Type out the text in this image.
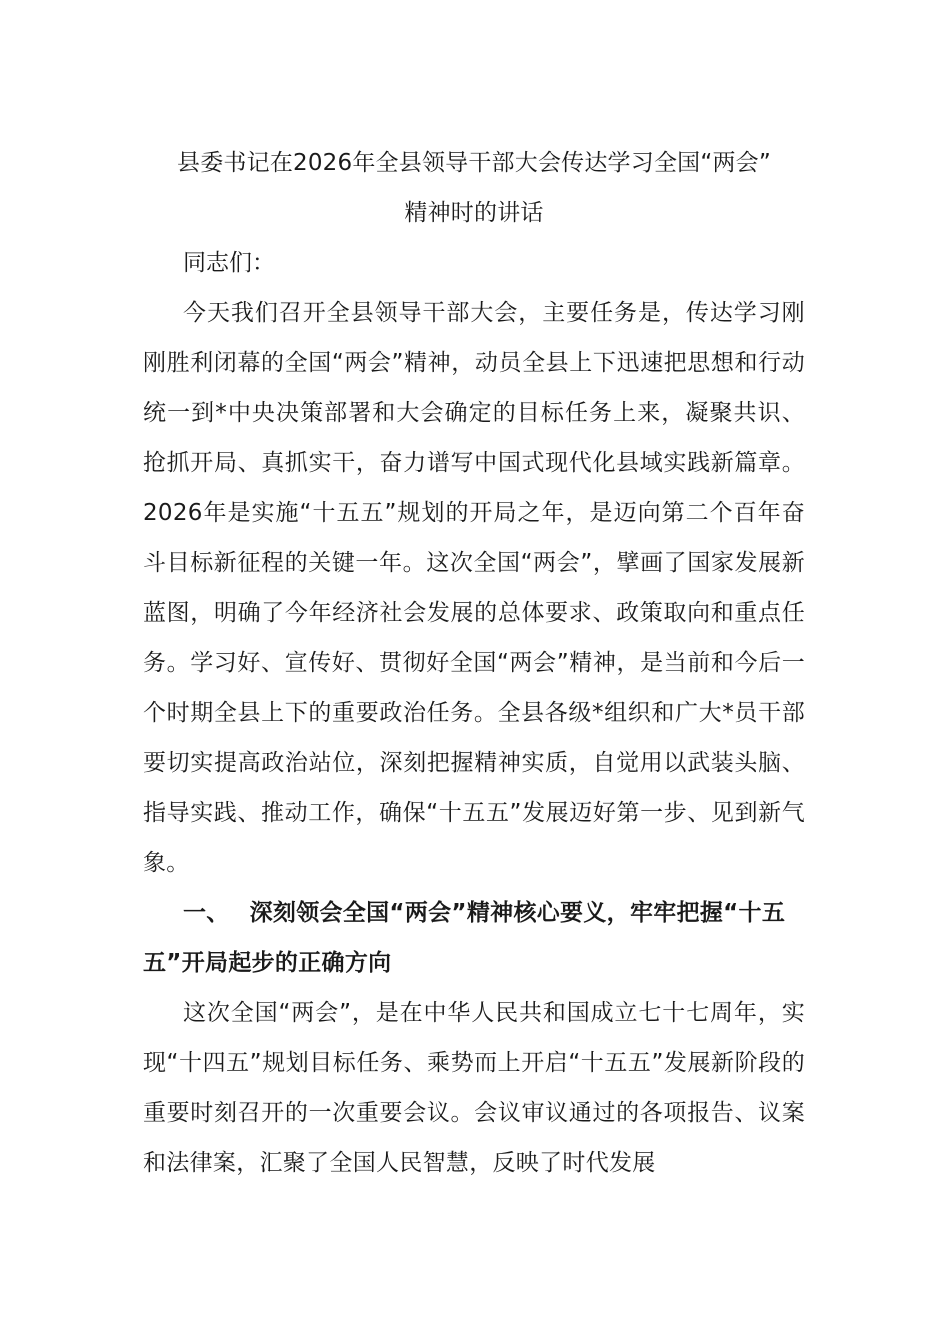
县委书记在2026年全县领导干部大会传达学习全国“两会”
精神时的讲话

同志们：

今天我们召开全县领导干部大会，主要任务是，传达学习刚刚胜利闭幕的全国“两会”精神，动员全县上下迅速把思想和行动统一到*中央决策部署和大会确定的目标任务上来，凝聚共识、抢抓开局、真抓实干，奋力谱写中国式现代化县域实践新篇章。2026年是实施“十五五”规划的开局之年，是迈向第二个百年奋斗目标新征程的关键一年。这次全国“两会”，擘画了国家发展新蓝图，明确了今年经济社会发展的总体要求、政策取向和重点任务。学习好、宣传好、贯彻好全国“两会”精神，是当前和今后一个时期全县上下的重要政治任务。全县各级*组织和广大*员干部要切实提高政治站位，深刻把握精神实质，自觉用以武装头脑、指导实践、推动工作，确保“十五五”发展迈好第一步、见到新气象。

一、 深刻领会全国“两会”精神核心要义，牢牢把握“十五五”开局起步的正确方向

这次全国“两会”，是在中华人民共和国成立七十七周年，实现“十四五”规划目标任务、乘势而上开启“十五五”发展新阶段的重要时刻召开的一次重要会议。会议审议通过的各项报告、议案和法律案，汇聚了全国人民智慧，反映了时代发展
